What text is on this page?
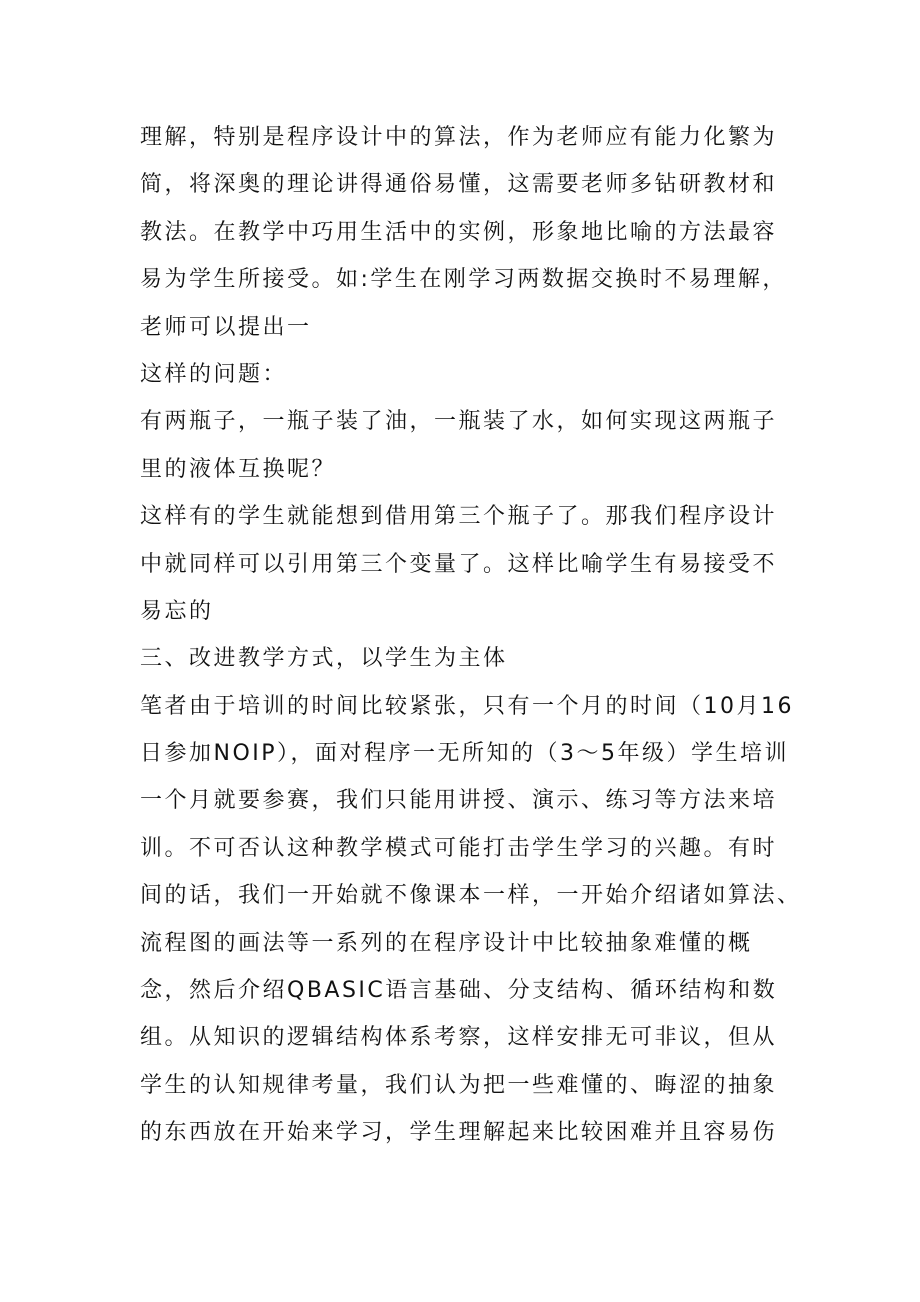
理解，特别是程序设计中的算法，作为老师应有能力化繁为
简，将深奥的理论讲得通俗易懂，这需要老师多钻研教材和
教法。在教学中巧用生活中的实例，形象地比喻的方法最容
易为学生所接受。如:学生在刚学习两数据交换时不易理解，
老师可以提出一
这样的问题：
有两瓶子，一瓶子装了油，一瓶装了水，如何实现这两瓶子
里的液体互换呢？
这样有的学生就能想到借用第三个瓶子了。那我们程序设计
中就同样可以引用第三个变量了。这样比喻学生有易接受不
易忘的
三、改进教学方式，以学生为主体
笔者由于培训的时间比较紧张，只有一个月的时间（10月16
日参加NOIP），面对程序一无所知的（3～5年级）学生培训
一个月就要参赛，我们只能用讲授、演示、练习等方法来培
训。不可否认这种教学模式可能打击学生学习的兴趣。有时
间的话，我们一开始就不像课本一样，一开始介绍诸如算法、
流程图的画法等一系列的在程序设计中比较抽象难懂的概
念，然后介绍QBASIC语言基础、分支结构、循环结构和数
组。从知识的逻辑结构体系考察，这样安排无可非议，但从
学生的认知规律考量，我们认为把一些难懂的、晦涩的抽象
的东西放在开始来学习，学生理解起来比较困难并且容易伤
